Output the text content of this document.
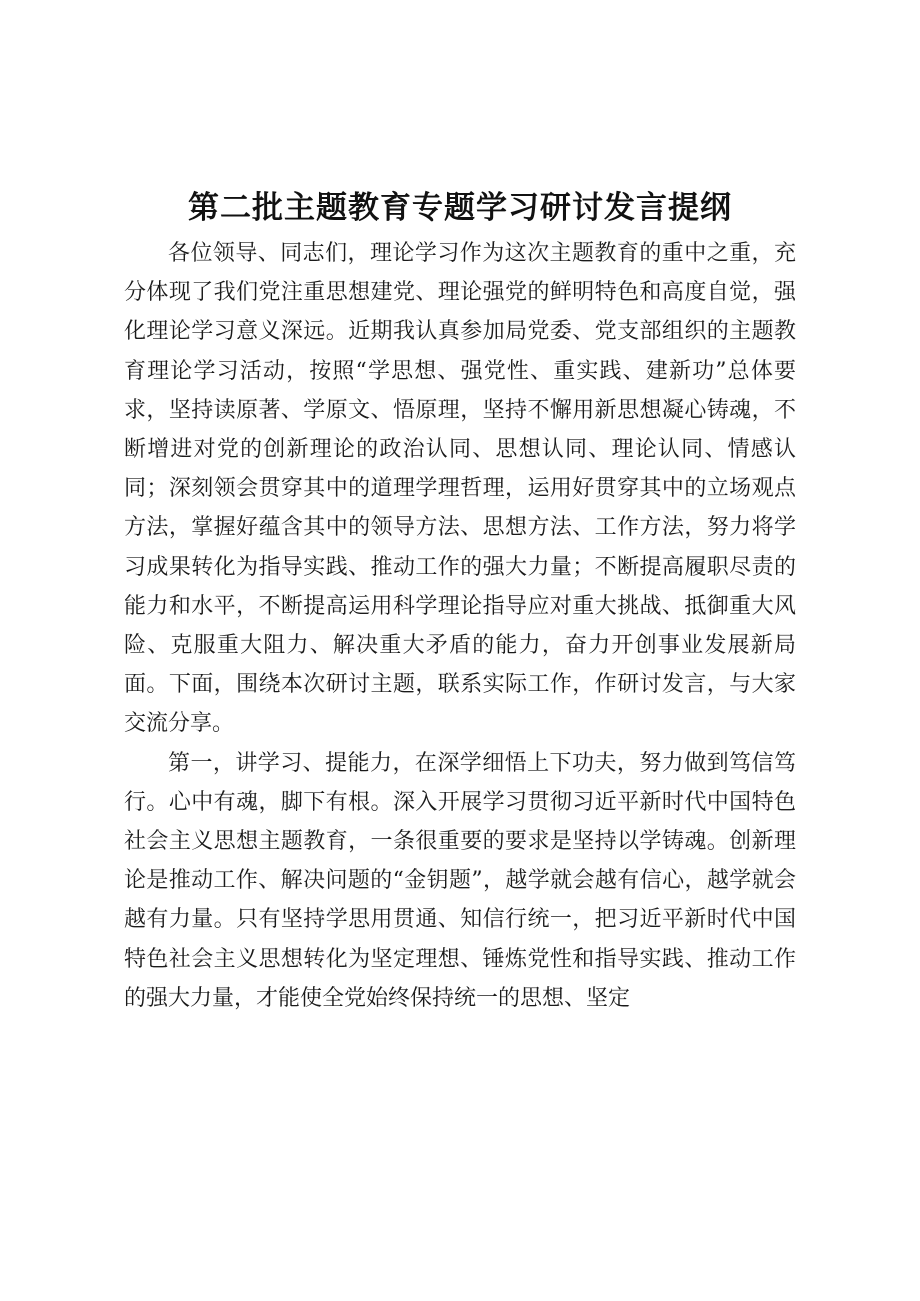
第二批主题教育专题学习研讨发言提纲

各位领导、同志们，理论学习作为这次主题教育的重中之重，充分体现了我们党注重思想建党、理论强党的鲜明特色和高度自觉，强化理论学习意义深远。近期我认真参加局党委、党支部组织的主题教育理论学习活动，按照“学思想、强党性、重实践、建新功”总体要求，坚持读原著、学原文、悟原理，坚持不懈用新思想凝心铸魂，不断增进对党的创新理论的政治认同、思想认同、理论认同、情感认同；深刻领会贯穿其中的道理学理哲理，运用好贯穿其中的立场观点方法，掌握好蕴含其中的领导方法、思想方法、工作方法，努力将学习成果转化为指导实践、推动工作的强大力量；不断提高履职尽责的能力和水平，不断提高运用科学理论指导应对重大挑战、抵御重大风险、克服重大阻力、解决重大矛盾的能力，奋力开创事业发展新局面。下面，围绕本次研讨主题，联系实际工作，作研讨发言，与大家交流分享。

第一，讲学习、提能力，在深学细悟上下功夫，努力做到笃信笃行。心中有魂，脚下有根。深入开展学习贯彻习近平新时代中国特色社会主义思想主题教育，一条很重要的要求是坚持以学铸魂。创新理论是推动工作、解决问题的“金钥题”，越学就会越有信心，越学就会越有力量。只有坚持学思用贯通、知信行统一，把习近平新时代中国特色社会主义思想转化为坚定理想、锤炼党性和指导实践、推动工作的强大力量，才能使全党始终保持统一的思想、坚定
